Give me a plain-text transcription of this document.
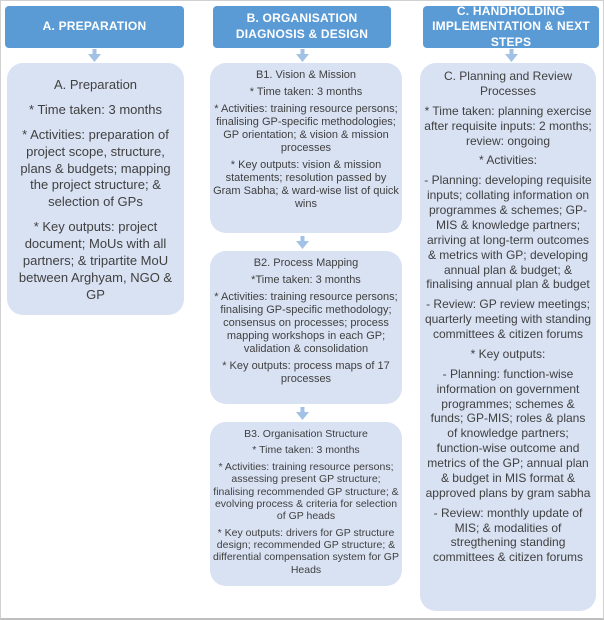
A. PREPARATION
B. ORGANISATION DIAGNOSIS & DESIGN
C. HANDHOLDING IMPLEMENTATION & NEXT STEPS

A. Preparation

* Time taken: 3 months

* Activities: preparation of project scope, structure, plans & budgets; mapping the project structure; & selection of GPs

* Key outputs: project document; MoUs with all partners; & tripartite MoU between Arghyam, NGO & GP

B1. Vision & Mission

* Time taken: 3 months

* Activities: training resource persons; finalising GP-specific methodologies; GP orientation; & vision & mission processes

* Key outputs: vision & mission statements; resolution passed by Gram Sabha; & ward-wise list of quick wins

B2. Process Mapping

*Time taken: 3 months

* Activities: training resource persons; finalising GP-specific methodology; consensus on processes; process mapping workshops in each GP; validation & consolidation

* Key outputs: process maps of 17 processes

B3. Organisation Structure

* Time taken: 3 months

* Activities: training resource persons; assessing present GP structure; finalising recommended GP structure; & evolving process & criteria for selection of GP heads

* Key outputs: drivers for GP structure design; recommended GP structure; & differential compensation system for GP Heads

C. Planning and Review Processes

* Time taken: planning exercise after requisite inputs: 2 months; review: ongoing

* Activities:

- Planning: developing requisite inputs; collating information on programmes & schemes; GP-MIS & knowledge partners; arriving at long-term outcomes & metrics with GP; developing annual plan & budget; & finalising annual plan & budget

- Review: GP review meetings; quarterly meeting with standing committees & citizen forums

* Key outputs:

- Planning: function-wise information on government programmes; schemes & funds; GP-MIS; roles & plans of knowledge partners; function-wise outcome and metrics of the GP; annual plan & budget in MIS format & approved plans by gram sabha

- Review: monthly update of MIS; & modalities of stregthening standing committees & citizen forums
